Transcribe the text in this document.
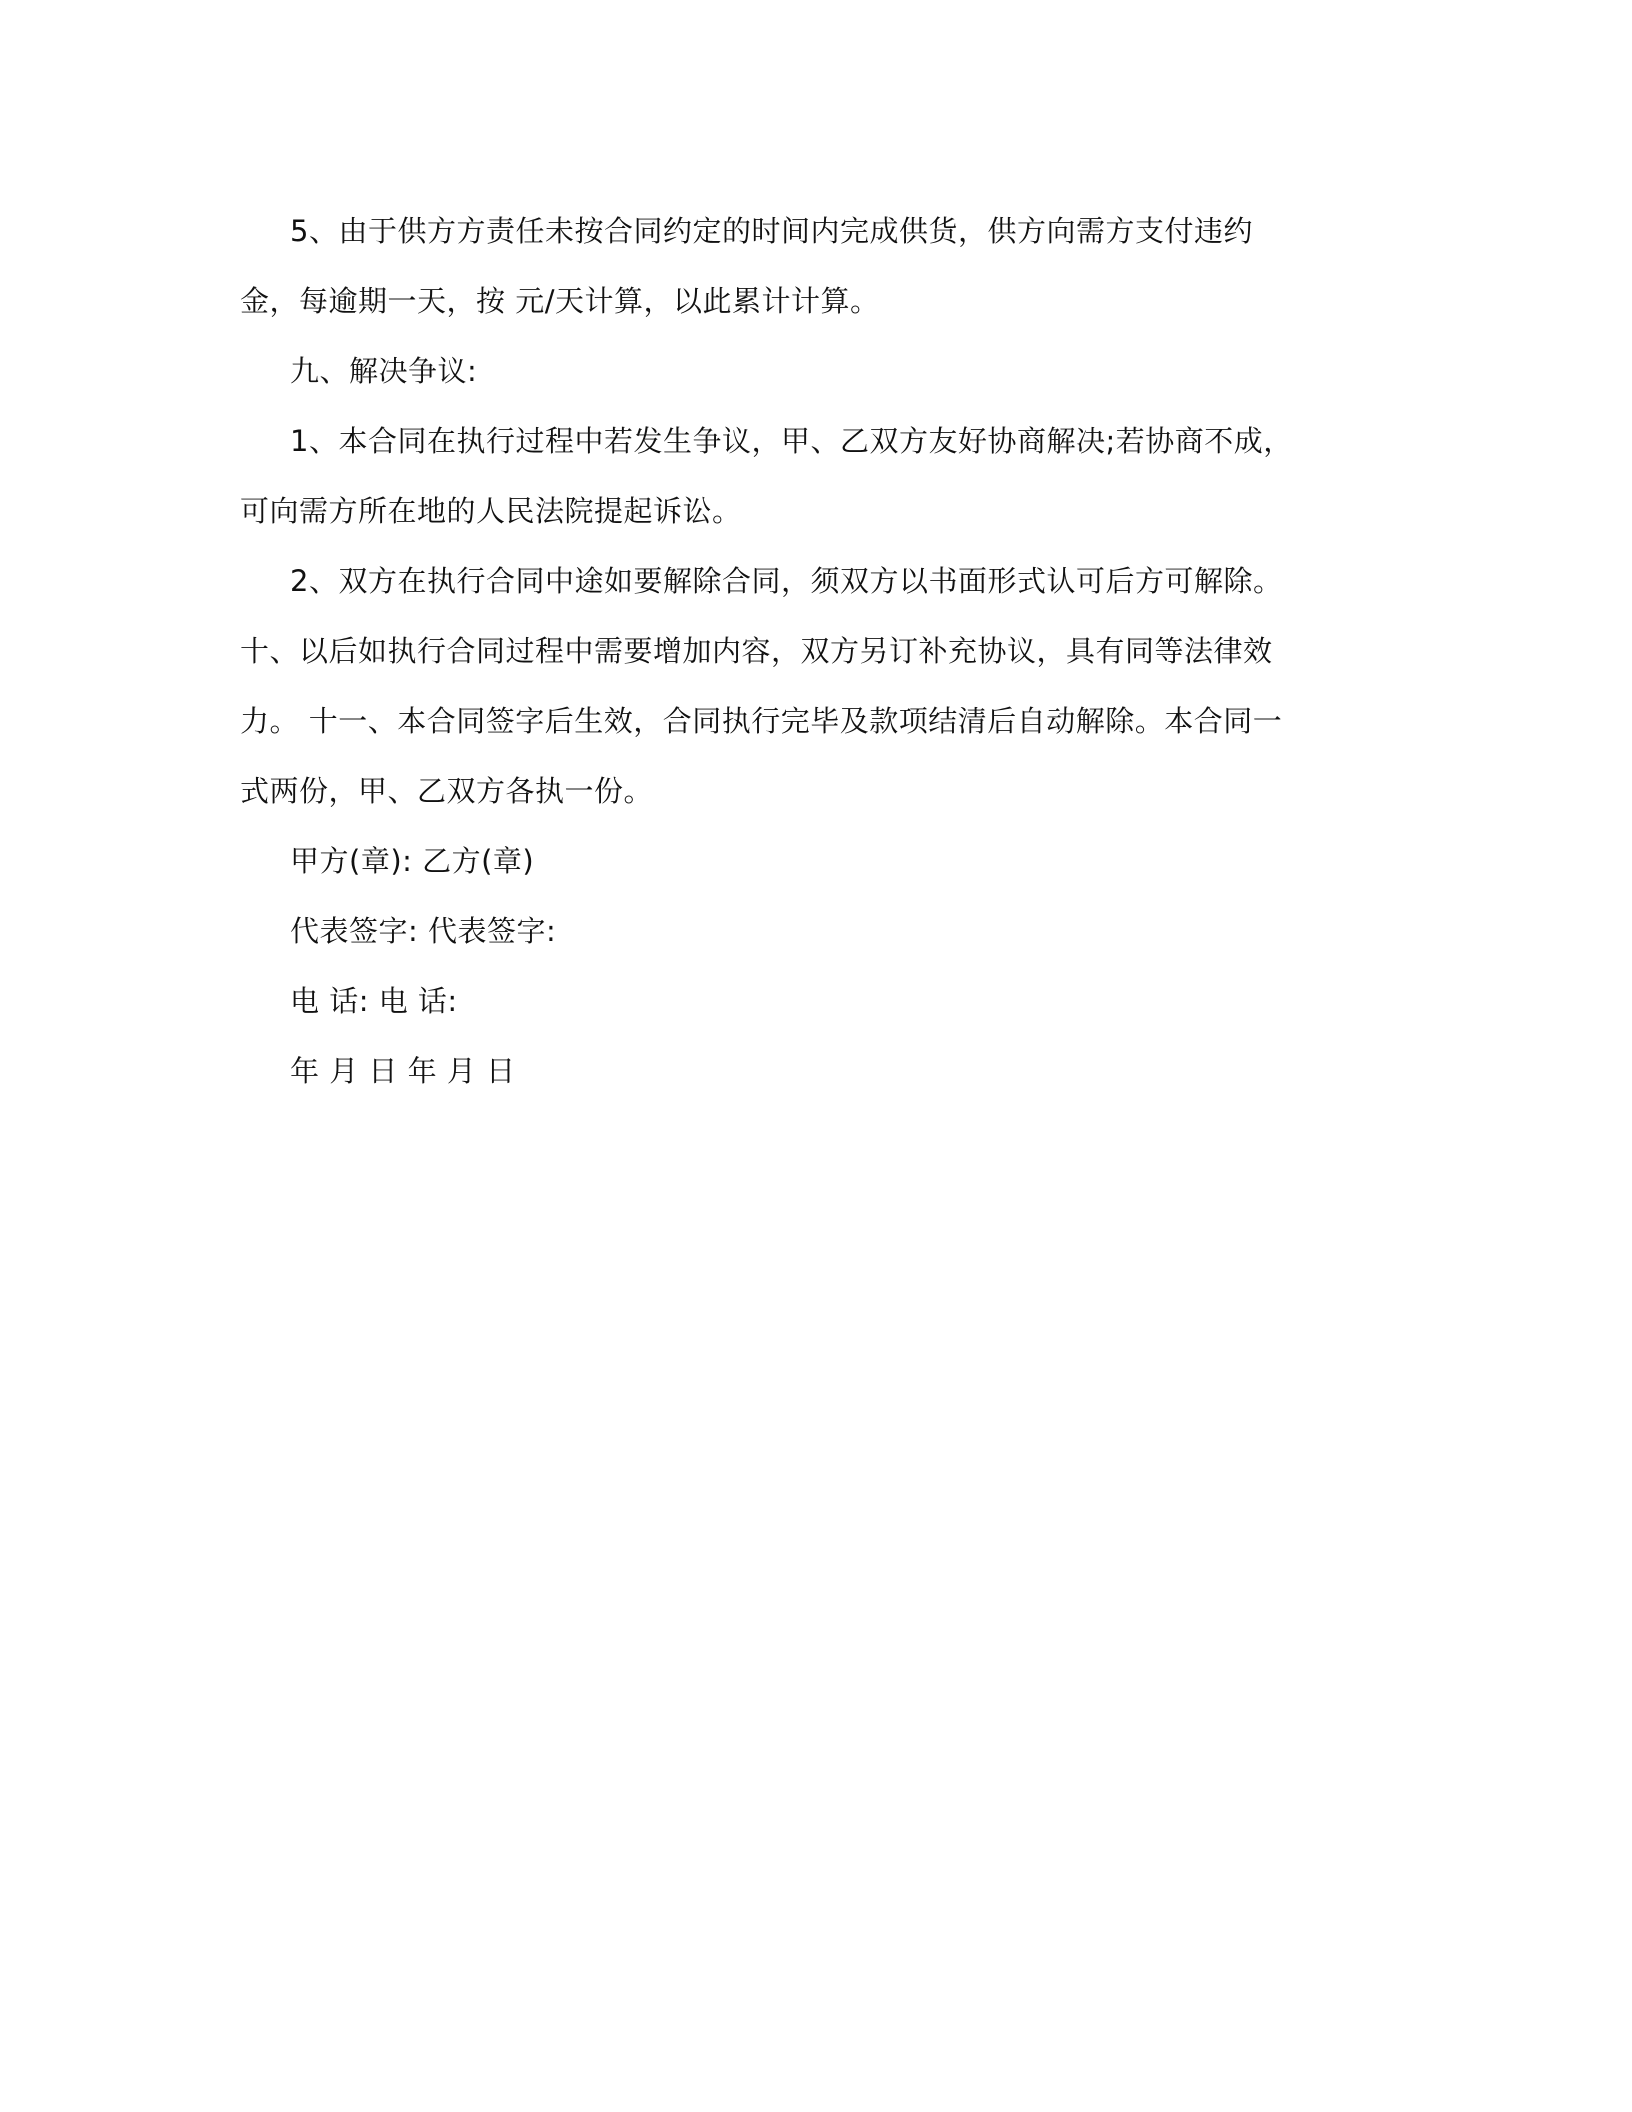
5、由于供方方责任未按合同约定的时间内完成供货，供方向需方支付违约

金，每逾期一天，按 元/天计算，以此累计计算。

九、解决争议:

1、本合同在执行过程中若发生争议，甲、乙双方友好协商解决;若协商不成，

可向需方所在地的人民法院提起诉讼。

2、双方在执行合同中途如要解除合同，须双方以书面形式认可后方可解除。

十、以后如执行合同过程中需要增加内容，双方另订补充协议，具有同等法律效

力。 十一、本合同签字后生效，合同执行完毕及款项结清后自动解除。本合同一

式两份，甲、乙双方各执一份。

甲方(章): 乙方(章)

代表签字: 代表签字:

电 话: 电 话:

年 月 日 年 月 日
